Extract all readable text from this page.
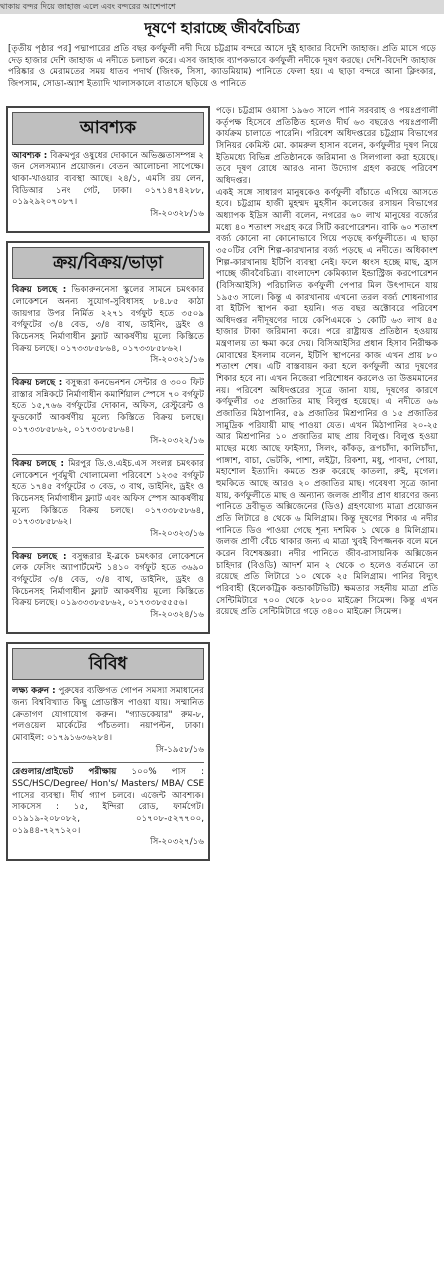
থাকায় বন্দর দিয়ে জাহাজ এলে এবং বন্দরের আশেপাশে
দূষণে হারাচ্ছে জীববৈচিত্র্য

[তৃতীয় পৃষ্ঠার পর] পদ্মাপারের প্রতি বছর কর্ণফুলী নদী দিয়ে চট্টগ্রাম বন্দরে আসে দুই হাজার বিদেশি জাহাজ। প্রতি মাসে গড়ে দেড় হাজার দেশি জাহাজ এ নদীতে চলাচল করে। এসব জাহাজ ব্যাপকভাবে কর্ণফুলী নদীকে দূষণ করছে। দেশি-বিদেশি জাহাজ পরিষ্কার ও মেরামতের সময় ধাতব পদার্থ (জিংক, সিসা, ক্যাডমিয়াম) পানিতে ফেলা হয়। এ ছাড়া বন্দরে আনা ক্লিংকার, জিপসাম, সোডা-অ্যাশ ইত্যাদি খালাসকালে বাতাসে ছড়িয়ে ও পানিতে

আবশ্যক
আবশ্যক : বিক্রমপুর ওষুধের দোকানে অভিজ্ঞতাসম্পন্ন ২ জন সেলসম্যান প্রয়োজন। বেতন আলোচনা সাপেক্ষে। থাকা-খাওয়ার ব্যবস্থা আছে। ২৪/১, এমসি রয় লেন, বিডিআর ১নং গেট, ঢাকা। ০১৭১৪৭৪২৮৮, ০১৯২৯২০৭০৮৭।
সি-২০৩২৮/১৬
ক্রয়/বিক্রয়/ভাড়া
বিক্রয় চলছে : ভিকারুননেসা স্কুলের সামনে চমৎকার লোকেশনে অনন্য সুযোগ-সুবিধাসহ ৮৪.৮৫ কাঠা জায়গার উপর নির্মিত ২২৭১ বর্গফুট হতে ৩৫০৯ বর্গফুটের ৩/৪ বেড, ৩/৪ বাথ, ডাইনিং, ড্রইং ও কিচেনসহ নির্মাণাধীন ফ্ল্যাট আকর্ষণীয় মূল্যে কিস্তিতে বিক্রয় চলছে। ০১৭৩৩৮৫৮৬৪, ০১৭৩৩৮৫৮৬২।
সি-২০৩২১/১৬
বিক্রয় চলছে : বসুন্ধরা কনভেনশন সেন্টার ও ৩০০ ফিট রাস্তার সন্নিকটে নির্মাণাধীন কমার্শিয়াল স্পেসে ৭০ বর্গফুট হতে ১৫,৭৬৬ বর্গফুটের দোকান, অফিস, রেস্টুরেন্ট ও ফুডকোর্ট আকর্ষণীয় মূল্যে কিস্তিতে বিক্রয় চলছে। ০১৭৩৩৮৫৮৬২, ০১৭৩৩৮৫৮৬৪।
সি-২০৩২২/১৬
বিক্রয় চলছে : মিরপুর ডি.ও.এইচ.এস সংলগ্ন চমৎকার লোকেশনে পূর্বমুখী খোলামেলা পরিবেশে ১২৩৫ বর্গফুট হতে ১৭৪৫ বর্গফুটের ৩ বেড, ৩ বাথ, ডাইনিং, ড্রইং ও কিচেনসহ নির্মাণাধীন ফ্ল্যাট এবং অফিস স্পেস আকর্ষণীয় মূল্যে কিস্তিতে বিক্রয় চলছে। ০১৭৩৩৮৫৮৬৪, ০১৭৩৩৮৫৮৬২।
সি-২০৩২৩/১৬
বিক্রয় চলছে : বসুন্ধরার ই-ব্লকে চমৎকার লোকেশনে লেক ফেসিং অ্যাপার্টমেন্ট ১৪১০ বর্গফুট হতে ৩৬৯০ বর্গফুটের ৩/৪ বেড, ৩/৪ বাথ, ডাইনিং, ড্রইং ও কিচেনসহ নির্মাণাধীন ফ্ল্যাট আকর্ষণীয় মূল্যে কিস্তিতে বিক্রয় চলছে। ০১৯৩৩৩৮৫৮৬২, ০১৭৩৩৮৫৫৫৬।
সি-২০৩২৪/১৬
বিবিধ
লক্ষ্য করুন : পুরুষের ব্যক্তিগত গোপন সমস্যা সমাধানের জন্য বিশ্ববিখ্যাত কিছু প্রোডাক্টস পাওয়া যায়। সম্মানিত ক্রেতাগণ যোগাযোগ করুন। "গ্যাডকেয়ার" রুম-৮, পলওয়েল মার্কেটের পাঁচতলা। নয়াপল্টন, ঢাকা। মোবাইল: ০১৭৯১৬৩৬২৮৪।
সি-১৯৫৮/১৬
রেগুলার/প্রাইভেট পরীক্ষায় ১০০% পাস : SSC/HSC/Degree/ Hon's/ Masters/ MBA/ CSE পাসের ব্যবস্থা। দীর্ঘ গ্যাপ চলবে। এজেন্ট আবশ্যক। সাকসেস : ১৫, ইন্দিরা রোড, ফার্মগেট। ০১৯১৯-২০৮০৮২, ০১৭০৮-৫২৭৭০০, ০১৯৪৪-৭২৭১২০।
সি-২০৩২৭/১৬

পড়ে। চট্টগ্রাম ওয়াসা ১৯৬৩ সালে পানি সরবরাহ ও পয়ঃপ্রণালী কর্তৃপক্ষ হিসেবে প্রতিষ্ঠিত হলেও দীর্ঘ ৬৩ বছরেও পয়ঃপ্রণালী কার্যক্রম চালাতে পারেনি। পরিবেশ অধিদপ্তরের চট্টগ্রাম বিভাগের সিনিয়র কেমিস্ট মো. কামরুল হাসান বলেন, কর্ণফুলীর দূষণ নিয়ে ইতিমধ্যে বিভিন্ন প্রতিষ্ঠানকে জরিমানা ও সিলগালা করা হয়েছে। তবে দূষণ রোধে আরও নানা উদ্যোগ গ্রহণ করছে পরিবেশ অধিদপ্তর।

একই সঙ্গে সাধারণ মানুষকেও কর্ণফুলী বাঁচাতে এগিয়ে আসতে হবে। চট্টগ্রাম হাজী মুহম্মদ মুহসীন কলেজের রসায়ন বিভাগের অধ্যাপক ইদ্রিস আলী বলেন, নগরের ৬০ লাখ মানুষের বর্জ্যের মধ্যে ৪০ শতাংশ সংগ্রহ করে সিটি করপোরেশন। বাকি ৬০ শতাংশ বর্জ্য কোনো না কোনোভাবে গিয়ে পড়ছে কর্ণফুলীতে। এ ছাড়া ৩৫০টির বেশি শিল্প-কারখানার বর্জ্য পড়ছে এ নদীতে। অধিকাংশ শিল্প-কারখানায় ইটিপি ব্যবস্থা নেই। ফলে ধ্বংস হচ্ছে মাছ, হ্রাস পাচ্ছে জীববৈচিত্র্য। বাংলাদেশ কেমিক্যাল ইন্ডাস্ট্রিজ করপোরেশন (বিসিআইসি) পরিচালিত কর্ণফুলী পেপার মিল উৎপাদনে যায় ১৯৫৩ সালে। কিন্তু এ কারখানায় এখনো তরল বর্জ্য শোধনাগার বা ইটিপি স্থাপন করা হয়নি। গত বছর অক্টোবরে পরিবেশ অধিদপ্তর নদীদূষণের দায়ে কেপিএমকে ১ কোটি ৬৩ লাখ ৪৫ হাজার টাকা জরিমানা করে। পরে রাষ্ট্রায়ত্ত প্রতিষ্ঠান হওয়ায় মন্ত্রণালয় তা ক্ষমা করে দেয়। বিসিআইসির প্রধান হিসাব নিরীক্ষক মোবাশ্বের ইসলাম বলেন, ইটিপি স্থাপনের কাজ এখন প্রায় ৮০ শতাংশ শেষ। এটি বাস্তবায়ন করা হলে কর্ণফুলী আর দূষণের শিকার হবে না। এখন নিজেরা পরিশোধন করলেও তা উত্তমমানের নয়। পরিবেশ অধিদপ্তরের সূত্রে জানা যায়, দূষণের কারণে কর্ণফুলীর ৩৫ প্রজাতির মাছ বিলুপ্ত হয়েছে। এ নদীতে ৬৬ প্রজাতির মিঠাপানির, ৫৯ প্রজাতির মিশ্রপানির ও ১৫ প্রজাতির সামুদ্রিক পরিযায়ী মাছ পাওয়া যেত। এখন মিঠাপানির ২০-২৫ আর মিশ্রপানির ১০ প্রজাতির মাছ প্রায় বিলুপ্ত। বিলুপ্ত হওয়া মাছের মধ্যে আছে ফাইস্যা, সিলং, কাঁকড়, রূপচাঁদা, কালিচাঁদা, পাঙ্গাশ, বাচা, ভেটকি, পাশা, লইট্টা, রিকশা, মধু, পাবদা, পোয়া, মহাশোল ইত্যাদি। কমতে শুরু করেছে কাতলা, রুই, মৃগেল। হুমকিতে আছে আরও ২০ প্রজাতির মাছ। গবেষণা সূত্রে জানা যায়, কর্ণফুলীতে মাছ ও অন্যান্য জলজ প্রাণীর প্রাণ ধারণের জন্য পানিতে দ্রবীভূত অক্সিজেনের (ডিও) গ্রহণযোগ্য মাত্রা প্রয়োজন প্রতি লিটারে ৪ থেকে ৬ মিলিগ্রাম। কিন্তু দূষণের শিকার এ নদীর পানিতে ডিও পাওয়া গেছে শূন্য দশমিক ১ থেকে ৪ মিলিগ্রাম। জলজ প্রাণী বেঁচে থাকার জন্য এ মাত্রা খুবই বিপজ্জনক বলে মনে করেন বিশেষজ্ঞরা। নদীর পানিতে জীব-রাসায়নিক অক্সিজেন চাহিদার (বিওডি) আদর্শ মান ২ থেকে ৩ হলেও বর্তমানে তা রয়েছে প্রতি লিটারে ১০ থেকে ২৫ মিলিগ্রাম। পানির বিদ্যুৎ পরিবাহী (ইলেকট্রিক কন্ডাকটিভিটি) ক্ষমতার সহনীয় মাত্রা প্রতি সেন্টিমিটারে ৭০০ থেকে ২৮০০ মাইক্রো সিমেন্স। কিন্তু এখন রয়েছে প্রতি সেন্টিমিটারে গড়ে ৩৪০০ মাইক্রো সিমেন্স।
